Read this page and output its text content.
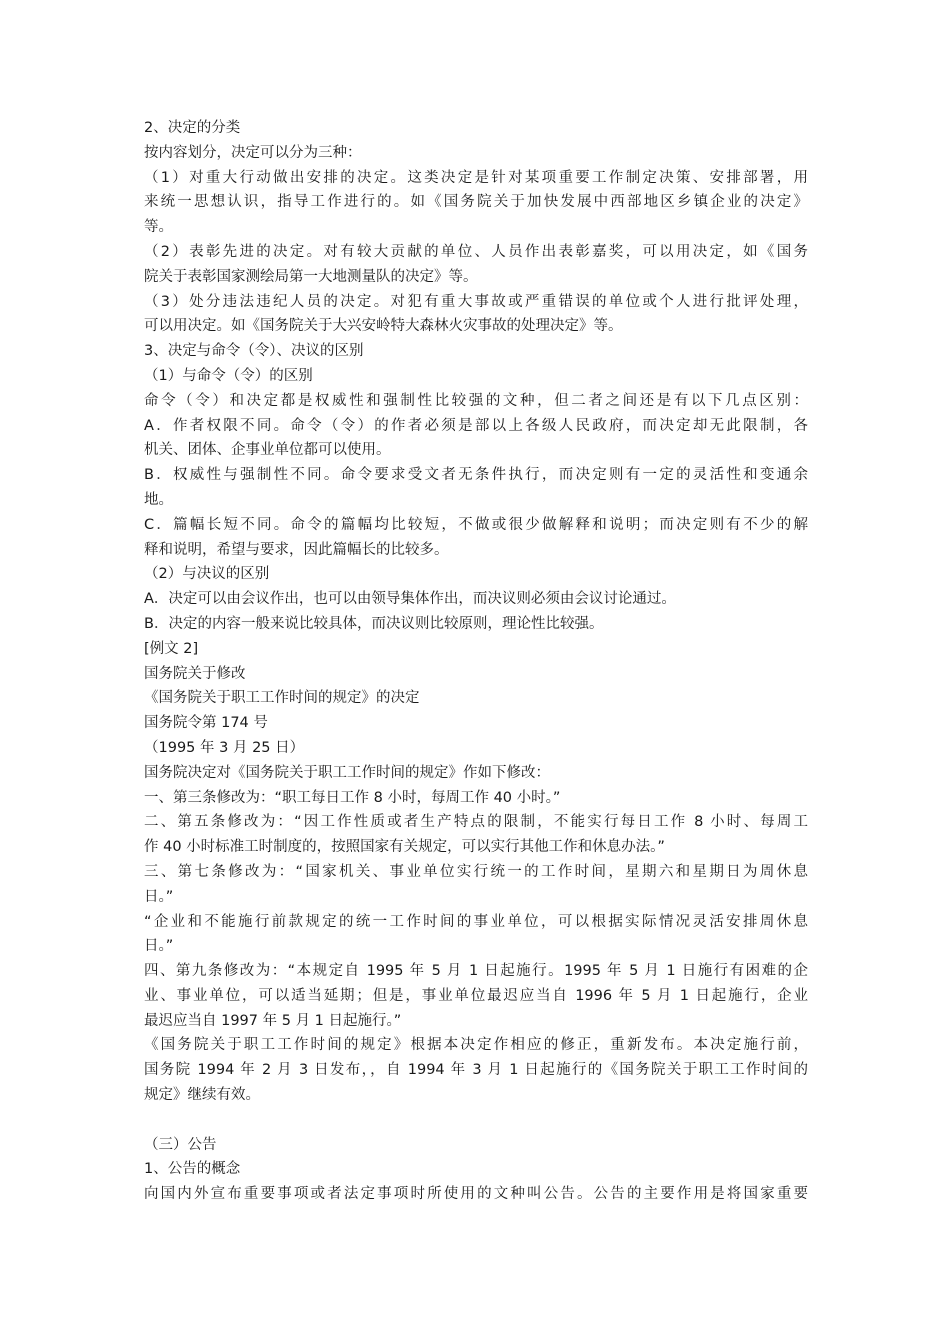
2、决定的分类
按内容划分，决定可以分为三种：
（1）对重大行动做出安排的决定。这类决定是针对某项重要工作制定决策、安排部署，用
来统一思想认识，指导工作进行的。如《国务院关于加快发展中西部地区乡镇企业的决定》
等。
（2）表彰先进的决定。对有较大贡献的单位、人员作出表彰嘉奖，可以用决定，如《国务
院关于表彰国家测绘局第一大地测量队的决定》等。
（3）处分违法违纪人员的决定。对犯有重大事故或严重错误的单位或个人进行批评处理，
可以用决定。如《国务院关于大兴安岭特大森林火灾事故的处理决定》等。
3、决定与命令（令）、决议的区别
（1）与命令（令）的区别
命令（令）和决定都是权威性和强制性比较强的文种，但二者之间还是有以下几点区别：
A．作者权限不同。命令（令）的作者必须是部以上各级人民政府，而决定却无此限制，各
机关、团体、企事业单位都可以使用。
B．权威性与强制性不同。命令要求受文者无条件执行，而决定则有一定的灵活性和变通余
地。
C．篇幅长短不同。命令的篇幅均比较短，不做或很少做解释和说明；而决定则有不少的解
释和说明，希望与要求，因此篇幅长的比较多。
（2）与决议的区别
A．决定可以由会议作出，也可以由领导集体作出，而决议则必须由会议讨论通过。
B．决定的内容一般来说比较具体，而决议则比较原则，理论性比较强。
[例文 2]
国务院关于修改
《国务院关于职工工作时间的规定》的决定
国务院令第 174 号
（1995 年 3 月 25 日）
国务院决定对《国务院关于职工工作时间的规定》作如下修改：
一、第三条修改为：“职工每日工作 8 小时，每周工作 40 小时。”
二、第五条修改为：“因工作性质或者生产特点的限制，不能实行每日工作 8 小时、每周工
作 40 小时标准工时制度的，按照国家有关规定，可以实行其他工作和休息办法。”
三、第七条修改为：“国家机关、事业单位实行统一的工作时间，星期六和星期日为周休息
日。”
“企业和不能施行前款规定的统一工作时间的事业单位，可以根据实际情况灵活安排周休息
日。”
四、第九条修改为：“本规定自 1995 年 5 月 1 日起施行。1995 年 5 月 1 日施行有困难的企
业、事业单位，可以适当延期；但是，事业单位最迟应当自 1996 年 5 月 1 日起施行，企业
最迟应当自 1997 年 5 月 1 日起施行。”
《国务院关于职工工作时间的规定》根据本决定作相应的修正，重新发布。本决定施行前，
国务院 1994 年 2 月 3 日发布，，自 1994 年 3 月 1 日起施行的《国务院关于职工工作时间的
规定》继续有效。
（三）公告
1、公告的概念
向国内外宣布重要事项或者法定事项时所使用的文种叫公告。公告的主要作用是将国家重要
